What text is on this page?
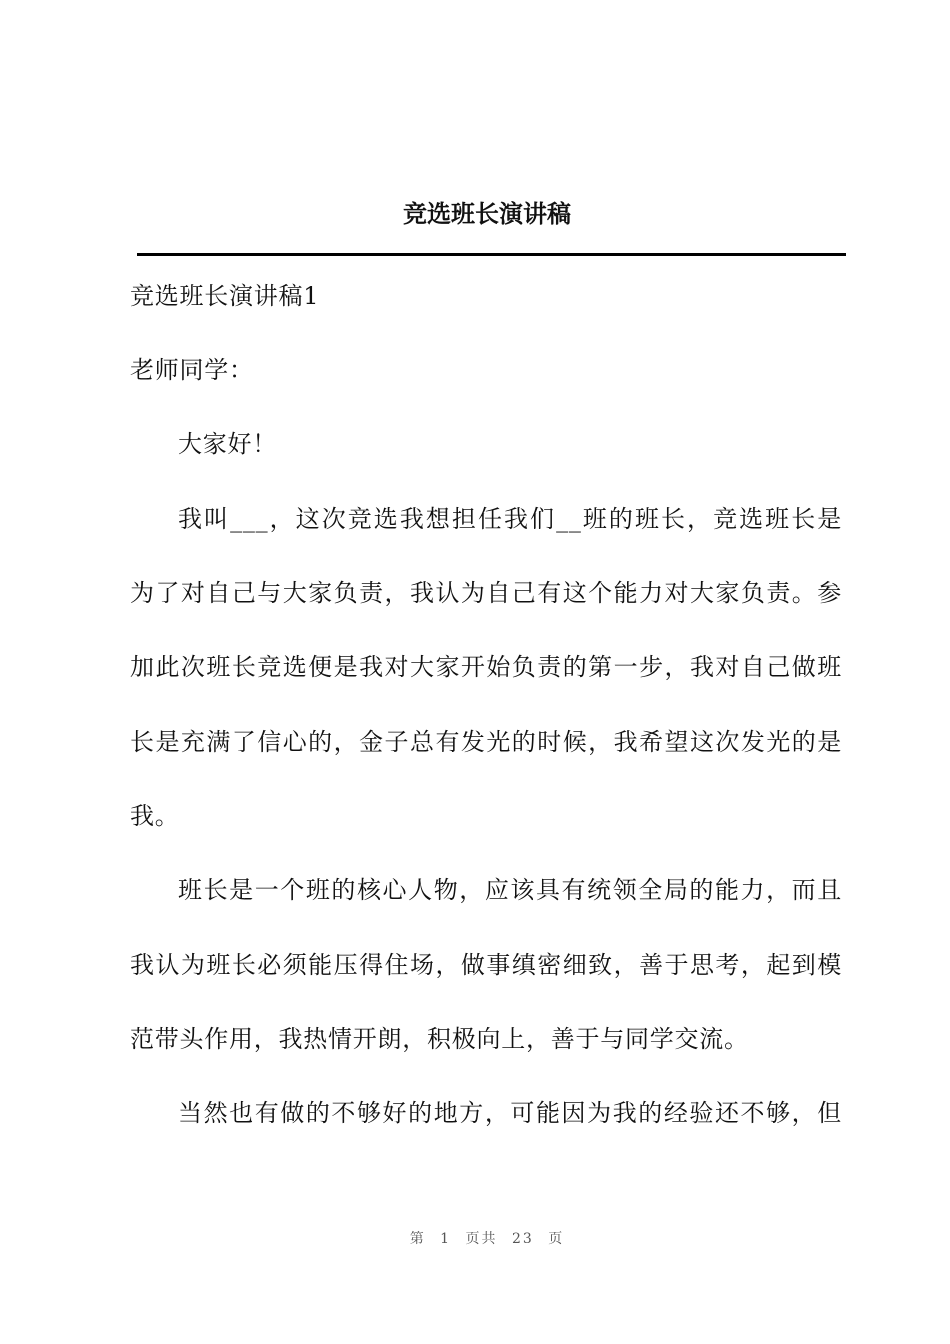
竞选班长演讲稿
竞选班长演讲稿1
老师同学：
大家好！
我叫___，这次竞选我想担任我们__班的班长，竞选班长是
为了对自己与大家负责，我认为自己有这个能力对大家负责。参
加此次班长竞选便是我对大家开始负责的第一步，我对自己做班
长是充满了信心的，金子总有发光的时候，我希望这次发光的是
我。
班长是一个班的核心人物，应该具有统领全局的能力，而且
我认为班长必须能压得住场，做事缜密细致，善于思考，起到模
范带头作用，我热情开朗，积极向上，善于与同学交流。
当然也有做的不够好的地方，可能因为我的经验还不够，但
第 1 页共 23 页
